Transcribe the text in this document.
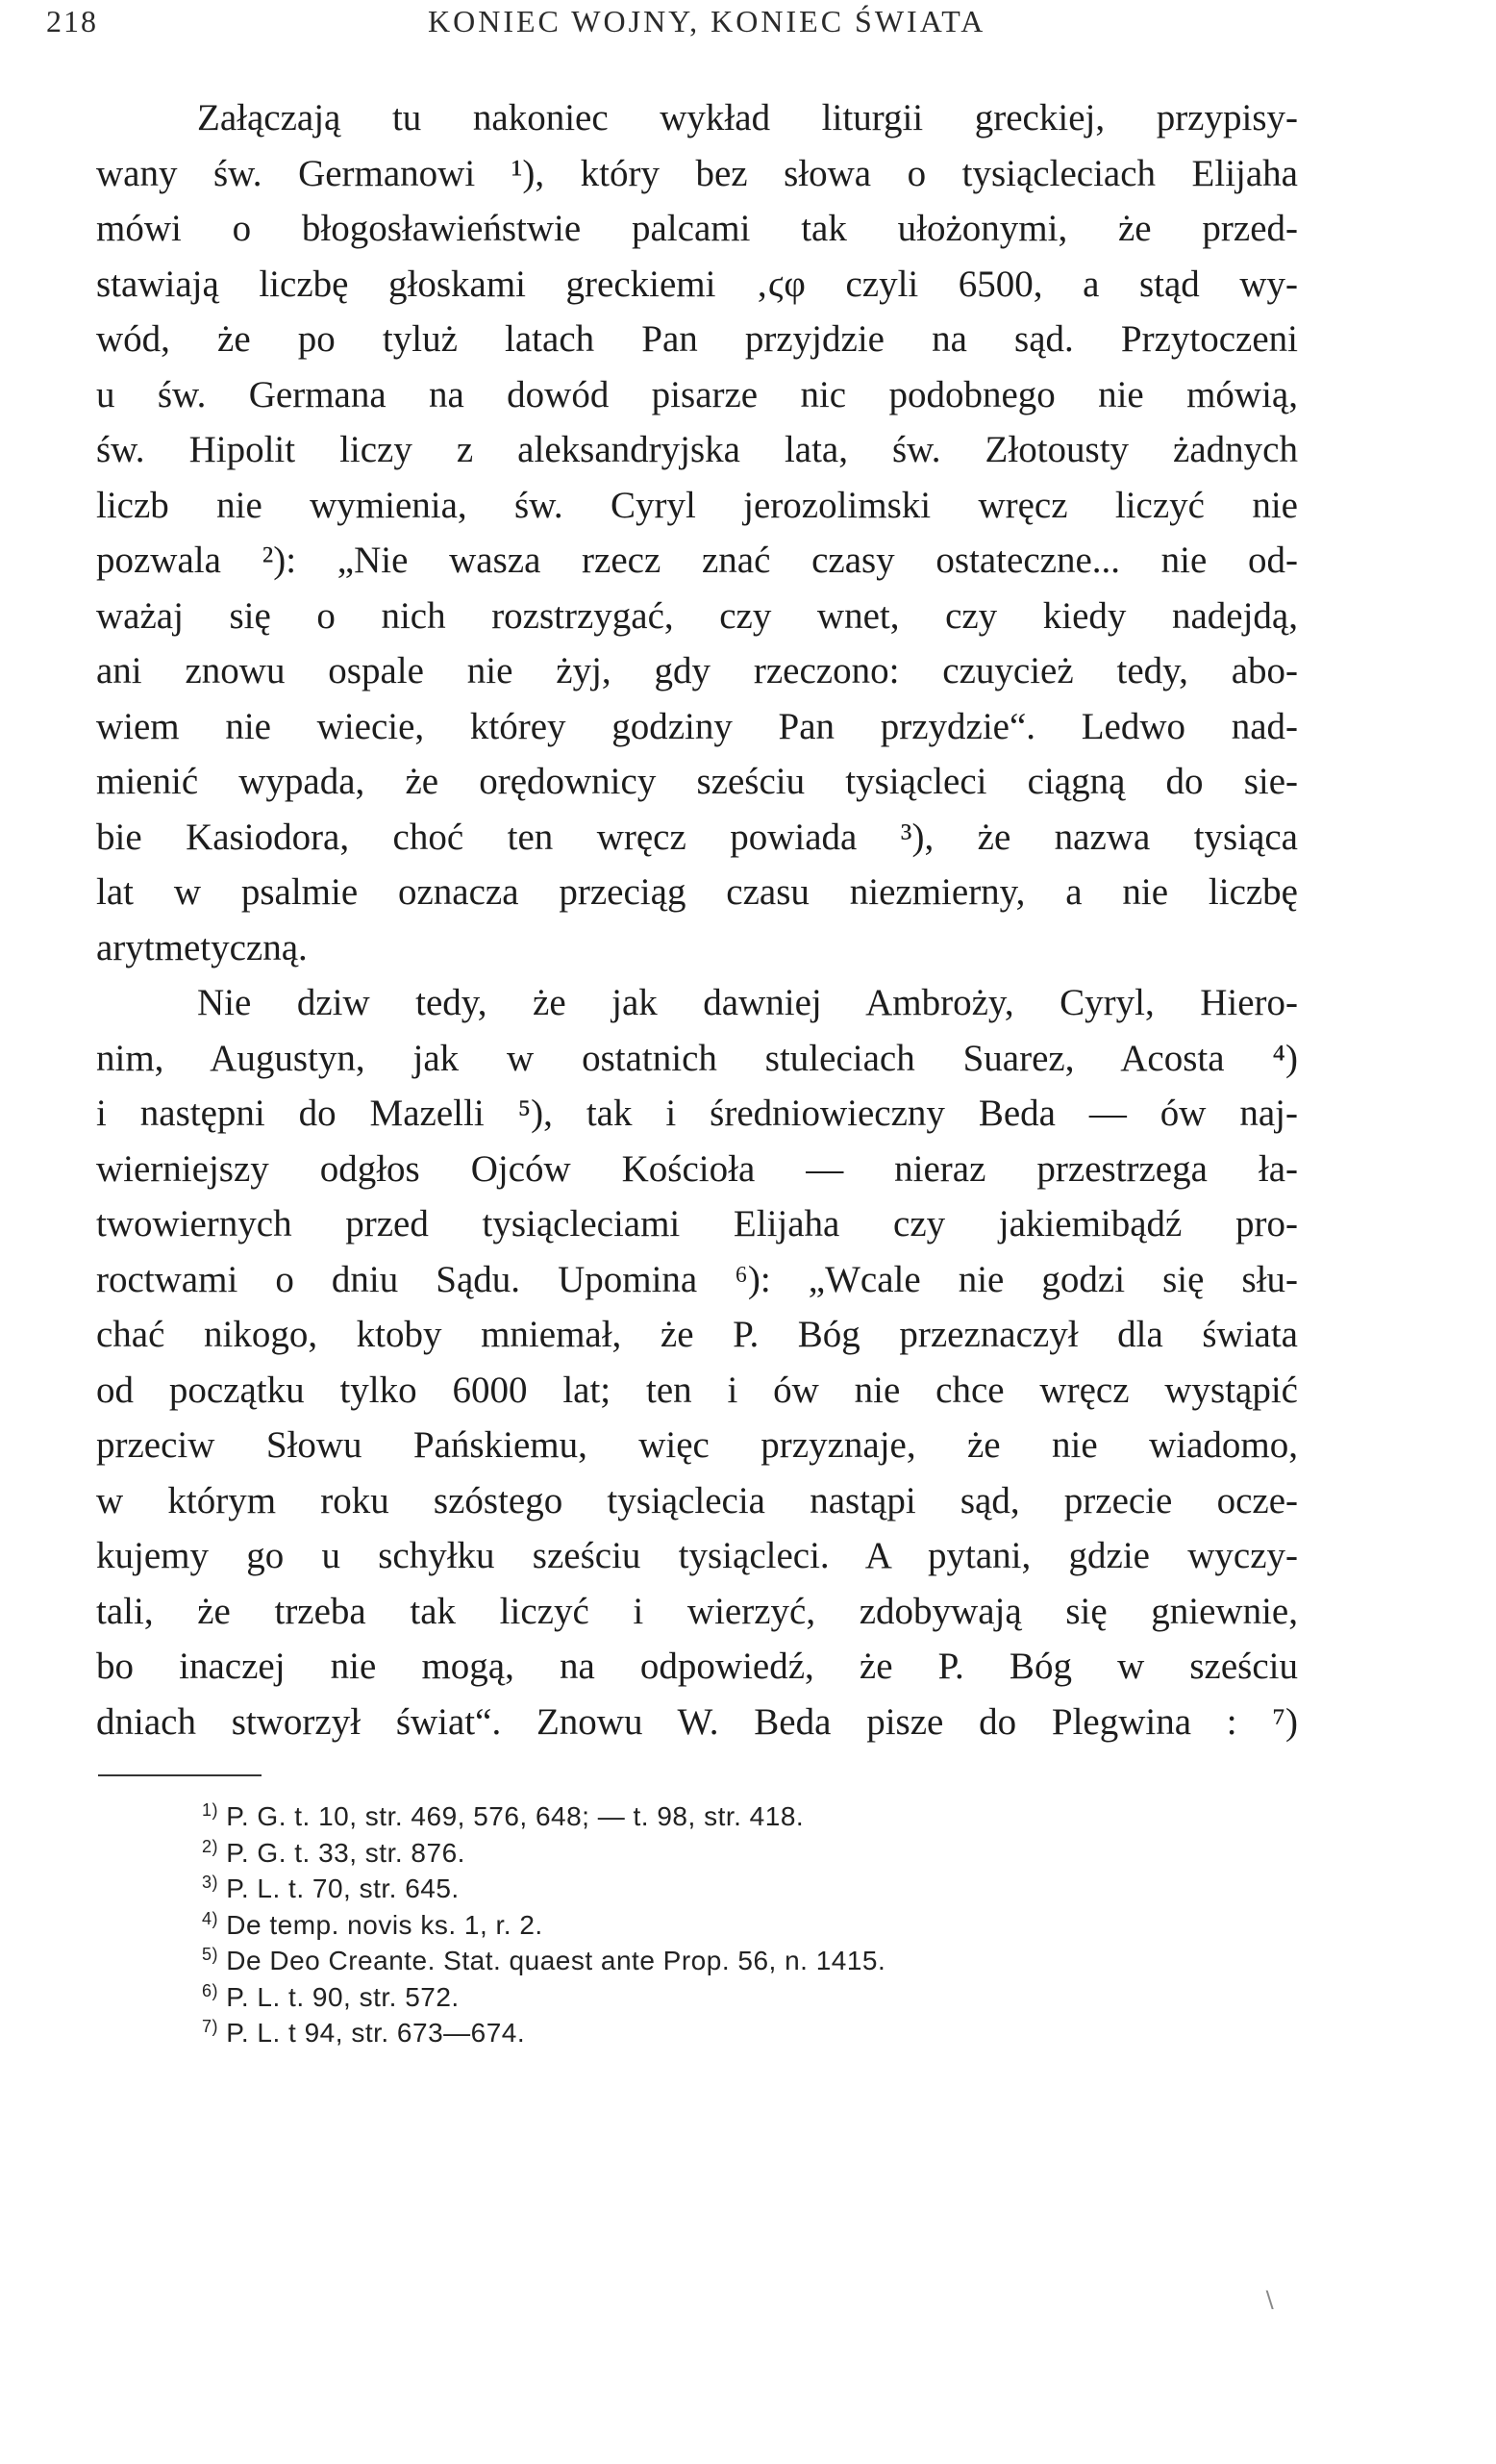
218	KONIEC WOJNY, KONIEC ŚWIATA
Załączają tu nakoniec wykład liturgii greckiej, przypisy-
wany św. Germanowi ¹), który bez słowa o tysiącleciach Elijaha
mówi o błogosławieństwie palcami tak ułożonymi, że przed-
stawiają liczbę głoskami greckiemi ‚ϛφ czyli 6500, a stąd wy-
wód, że po tyluż latach Pan przyjdzie na sąd. Przytoczeni
u św. Germana na dowód pisarze nic podobnego nie mówią,
św. Hipolit liczy z aleksandryjska latа, św. Złotousty żadnych
liczb nie wymienia, św. Cyryl jerozolimski wręcz liczyć nie
pozwala ²): „Nie wasza rzecz znać czasy ostateczne... nie od-
ważaj się o nich rozstrzygać, czy wnet, czy kiedy nadejdą,
ani znowu ospale nie żyj, gdy rzeczono: czuycież tedy, abo-
wiem nie wiecie, którey godziny Pan przydzie“. Ledwo nad-
mienić wypada, że orędownicy sześciu tysiącleci ciągną do sie-
bie Kasiodora, choć ten wręcz powiada ³), że nazwa tysiąca
lat w psalmie oznacza przeciąg czasu niezmierny, a nie liczbę
arytmetyczną.
Nie dziw tedy, że jak dawniej Ambroży, Cyryl, Hiero-
nim, Augustyn, jak w ostatnich stuleciach Suarez, Acosta ⁴)
i następni do Mazelli ⁵), tak i średniowieczny Beda — ów naj-
wierniejszy odgłos Ojców Kościoła — nieraz przestrzega ła-
twowiernych przed tysiącleciami Elijaha czy jakiemibądź pro-
roctwami o dniu Sądu. Upomina ⁶): „Wcale nie godzi się słu-
chać nikogo, ktoby mniemał, że P. Bóg przeznaczył dla świata
od początku tylko 6000 lat; ten i ów nie chce wręcz wystąpić
przeciw Słowu Pańskiemu, więc przyznaje, że nie wiadomo,
w którym roku szóstego tysiąclecia nastąpi sąd, przecie ocze-
kujemy go u schyłku sześciu tysiącleci. A pytani, gdzie wyczy-
tali, że trzeba tak liczyć i wierzyć, zdobywają się gniewnie,
bo inaczej nie mogą, na odpowiedź, że P. Bóg w sześciu
dniach stworzył świat“. Znowu W. Beda pisze do Plegwina : ⁷)
$^{1)}$ P. G. t. 10, str. 469, 576, 648; — t. 98, str. 418.
$^{2)}$ P. G. t. 33, str. 876.
$^{3)}$ P. L. t. 70, str. 645.
$^{4)}$ De temp. novis ks. 1, r. 2.
$^{5)}$ De Deo Creante. Stat. quaest ante Prop. 56, n. 1415.
$^{6)}$ P. L. t. 90, str. 572.
$^{7)}$ P. L. t 94, str. 673—674.
∖
